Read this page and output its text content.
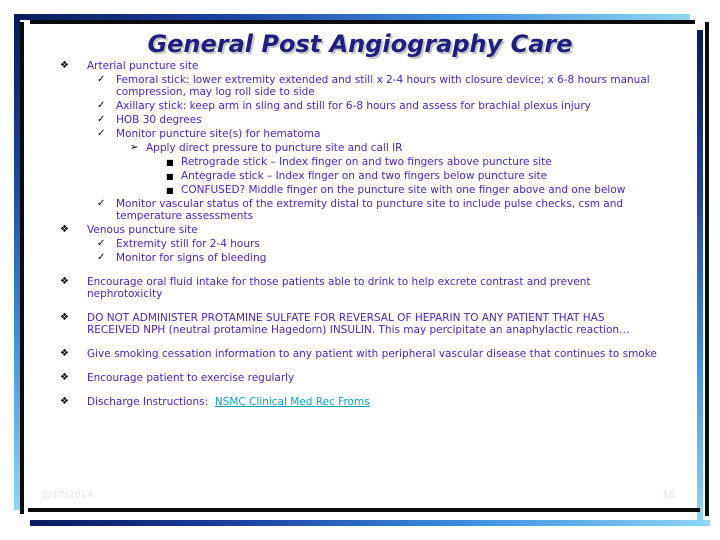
General Post Angiography Care
❖ Arterial puncture site
✓ Femoral stick: lower extremity extended and still x 2-4 hours with closure device; x 6-8 hours manual compression, may log roll side to side
✓ Axillary stick: keep arm in sling and still for 6-8 hours and assess for brachial plexus injury
✓ HOB 30 degrees
✓ Monitor puncture site(s) for hematoma
➢ Apply direct pressure to puncture site and call IR
■ Retrograde stick – Index finger on and two fingers above puncture site
■ Antegrade stick – Index finger on and two fingers below puncture site
■ CONFUSED? Middle finger on the puncture site with one finger above and one below
✓ Monitor vascular status of the extremity distal to puncture site to include pulse checks, csm and temperature assessments
❖ Venous puncture site
✓ Extremity still for 2-4 hours
✓ Monitor for signs of bleeding
❖ Encourage oral fluid intake for those patients able to drink to help excrete contrast and prevent nephrotoxicity
❖ DO NOT ADMINISTER PROTAMINE SULFATE FOR REVERSAL OF HEPARIN TO ANY PATIENT THAT HAS RECEIVED NPH (neutral protamine Hagedorn) INSULIN. This may percipitate an anaphylactic reaction…
❖ Give smoking cessation information to any patient with peripheral vascular disease that continues to smoke
❖ Encourage patient to exercise regularly
❖ Discharge Instructions:  NSMC Clinical Med Rec Froms
5/17/2014	16
